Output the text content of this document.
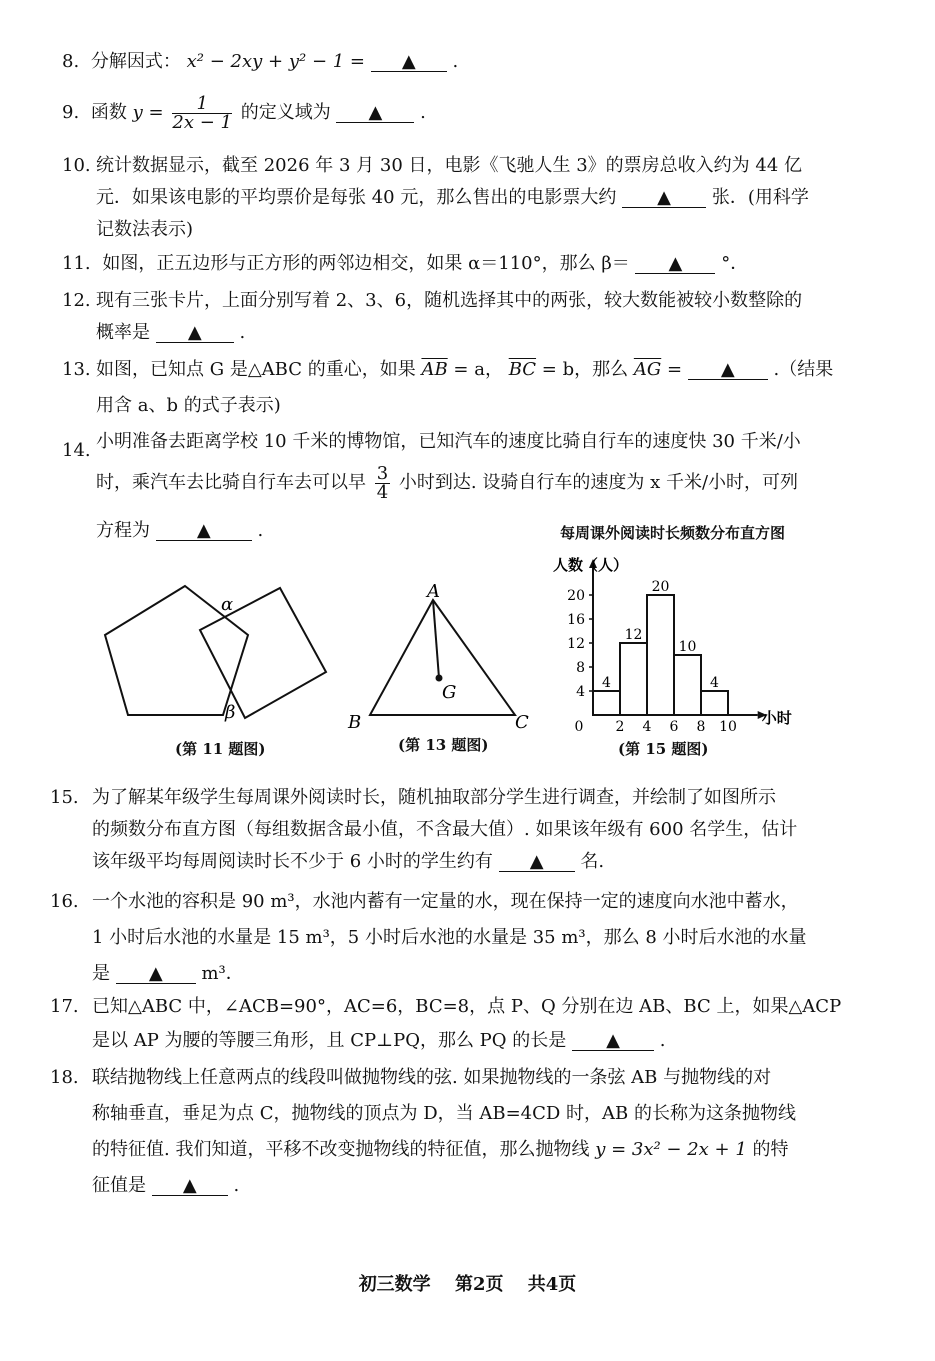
8. 分解因式： x² − 2xy + y² − 1 = ▲ .
9. 函数 $y = \frac{1}{2x - 1}$ 的定义域为 ▲ .
10. 统计数据显示，截至 2026 年 3 月 30 日，电影《飞驰人生 3》的票房总收入约为 44 亿
元．如果该电影的平均票价是每张 40 元，那么售出的电影票大约 ▲ 张．(用科学
记数法表示)
11. 如图，正五边形与正方形的两邻边相交，如果 α＝110°，那么 β＝ ▲ °．
12. 现有三张卡片，上面分别写着 2、3、6，随机选择其中的两张，较大数能被较小数整除的
概率是 ▲ .
13. 如图，已知点 G 是△ABC 的重心，如果 $\overline{AB} = a$， $\overline{BC} = b$，那么 $\overline{AG}$ = ▲ .（结果
用含 a、b 的式子表示)
14. 小明准备去距离学校 10 千米的博物馆，已知汽车的速度比骑自行车的速度快 30 千米/小
时，乘汽车去比骑自行车去可以早 $\frac{3}{4}$ 小时到达. 设骑自行车的速度为 x 千米/小时，可列
方程为	▲	.
α
β
(第 11 题图)
A
B	C
G
(第 13 题图)
每周课外阅读时长频数分布直方图
人数（人）
小时
4
8
12
16
20
0 2 4 6 8 10
4
12
20
10
4
(第 15 题图)
15. 为了解某年级学生每周课外阅读时长，随机抽取部分学生进行调查，并绘制了如图所示
的频数分布直方图（每组数据含最小值，不含最大值）. 如果该年级有 600 名学生，估计
该年级平均每周阅读时长不少于 6 小时的学生约有 ▲ 名.
16. 一个水池的容积是 90 m³，水池内蓄有一定量的水，现在保持一定的速度向水池中蓄水，
1 小时后水池的水量是 15 m³，5 小时后水池的水量是 35 m³，那么 8 小时后水池的水量
是 ▲ m³．
17. 已知△ABC 中，∠ACB=90°，AC=6，BC=8，点 P、Q 分别在边 AB、BC 上，如果△ACP
是以 AP 为腰的等腰三角形，且 CP⊥PQ，那么 PQ 的长是 ▲ .
18. 联结抛物线上任意两点的线段叫做抛物线的弦. 如果抛物线的一条弦 AB 与抛物线的对
称轴垂直，垂足为点 C，抛物线的顶点为 D，当 AB=4CD 时，AB 的长称为这条抛物线
的特征值. 我们知道，平移不改变抛物线的特征值，那么抛物线 y = 3x² − 2x + 1 的特
征值是 ▲ .
初三数学 第2页 共4页
